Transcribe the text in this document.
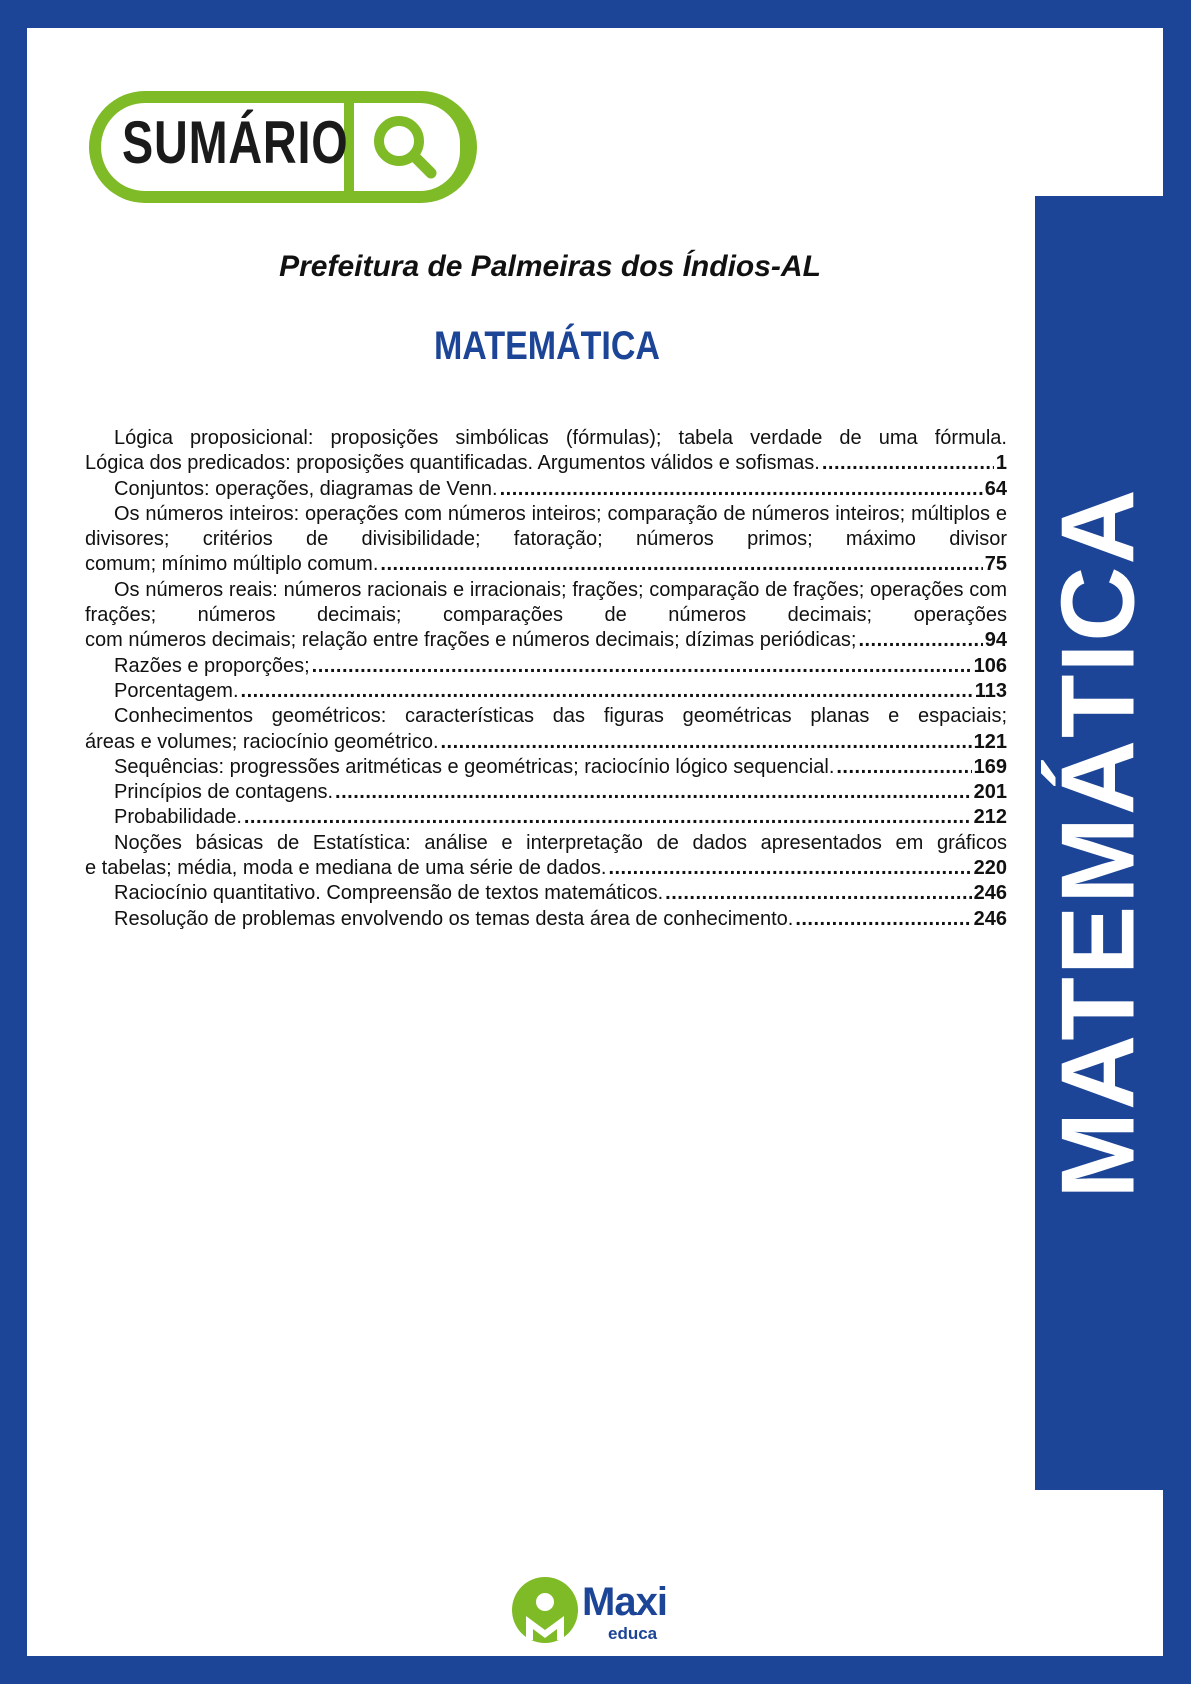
MATEMÁTICA
SUMÁRIO
Prefeitura de Palmeiras dos Índios-AL
MATEMÁTICA
Lógica proposicional: proposições simbólicas (fórmulas); tabela verdade de uma fórmula.
Lógica dos predicados: proposições quantificadas. Argumentos válidos e sofismas. .....	1
Conjuntos: operações, diagramas de Venn. .....	64
Os números inteiros: operações com números inteiros; comparação de números inteiros; múltiplos e divisores; critérios de divisibilidade; fatoração; números primos; máximo divisor
comum; mínimo múltiplo comum. .....	75
Os números reais: números racionais e irracionais; frações; comparação de frações; operações com frações; números decimais; comparações de números decimais; operações
com números decimais; relação entre frações e números decimais; dízimas periódicas; .....	94
Razões e proporções; .....	106
Porcentagem. .....	113
Conhecimentos geométricos: características das figuras geométricas planas e espaciais;
áreas e volumes; raciocínio geométrico. .....	121
Sequências: progressões aritméticas e geométricas; raciocínio lógico sequencial. .....	169
Princípios de contagens. .....	201
Probabilidade. .....	212
Noções básicas de Estatística: análise e interpretação de dados apresentados em gráficos
e tabelas; média, moda e mediana de uma série de dados. .....	220
Raciocínio quantitativo. Compreensão de textos matemáticos. .....	246
Resolução de problemas envolvendo os temas desta área de conhecimento. .....	246
Maxi
educa
